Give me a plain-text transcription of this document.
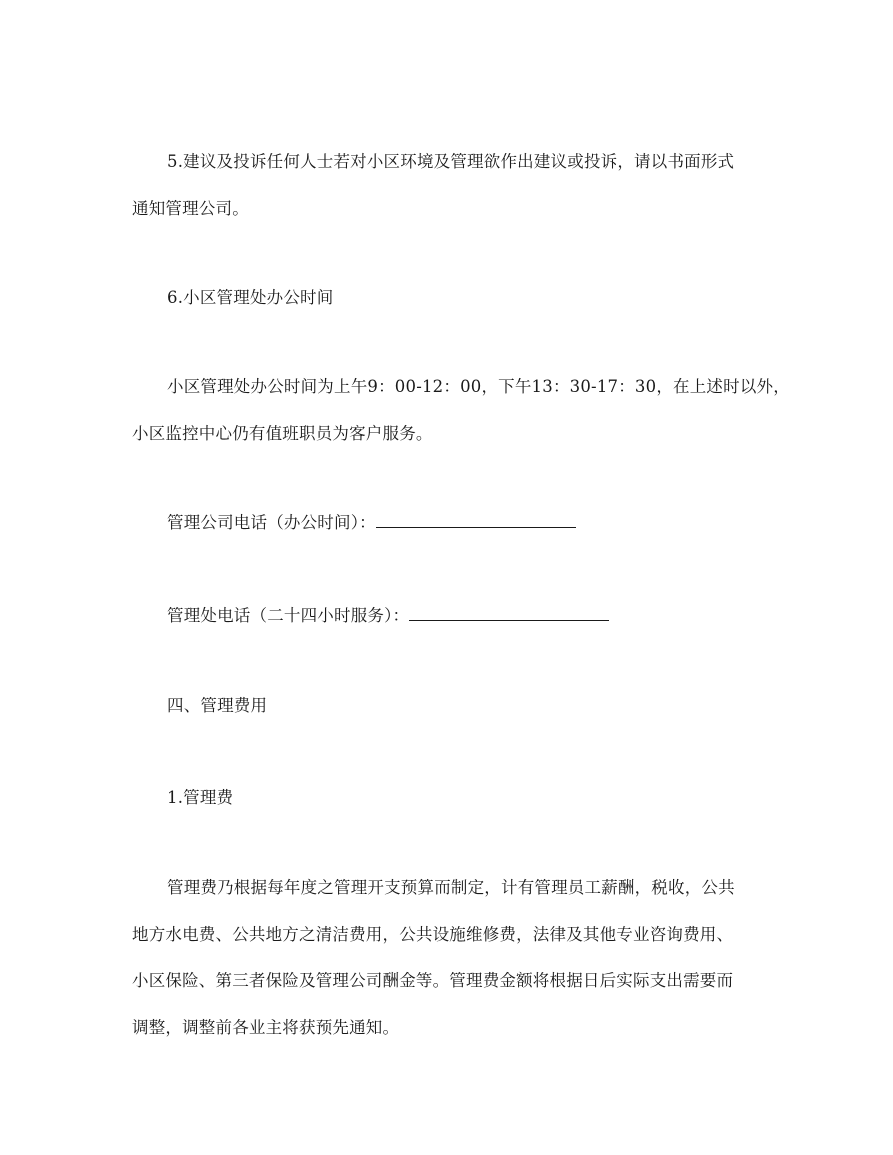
5.建议及投诉任何人士若对小区环境及管理欲作出建议或投诉，请以书面形式
通知管理公司。
6.小区管理处办公时间
小区管理处办公时间为上午9：00-12：00，下午13：30-17：30，在上述时以外，
小区监控中心仍有值班职员为客户服务。
管理公司电话（办公时间）：
管理处电话（二十四小时服务）：
四、管理费用
1.管理费
管理费乃根据每年度之管理开支预算而制定，计有管理员工薪酬，税收，公共
地方水电费、公共地方之清洁费用，公共设施维修费，法律及其他专业咨询费用、
小区保险、第三者保险及管理公司酬金等。管理费金额将根据日后实际支出需要而
调整，调整前各业主将获预先通知。
